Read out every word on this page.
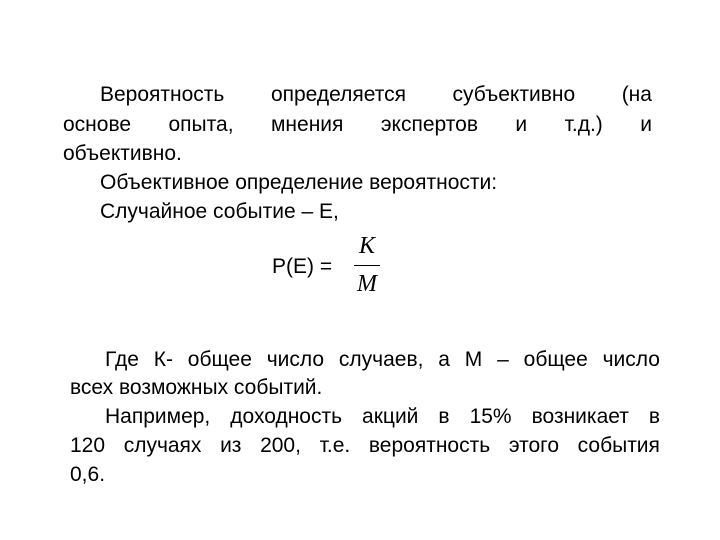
Вероятность определяется субъективно (на
основе опыта, мнения экспертов и т.д.) и
объективно.
Объективное определение вероятности:
Случайное событие – Е,
Р(Е) =
К
М
Где К- общее число случаев, а М – общее число
всех возможных событий.
Например, доходность акций в 15% возникает в
120 случаях из 200, т.е. вероятность этого события
0,6.
